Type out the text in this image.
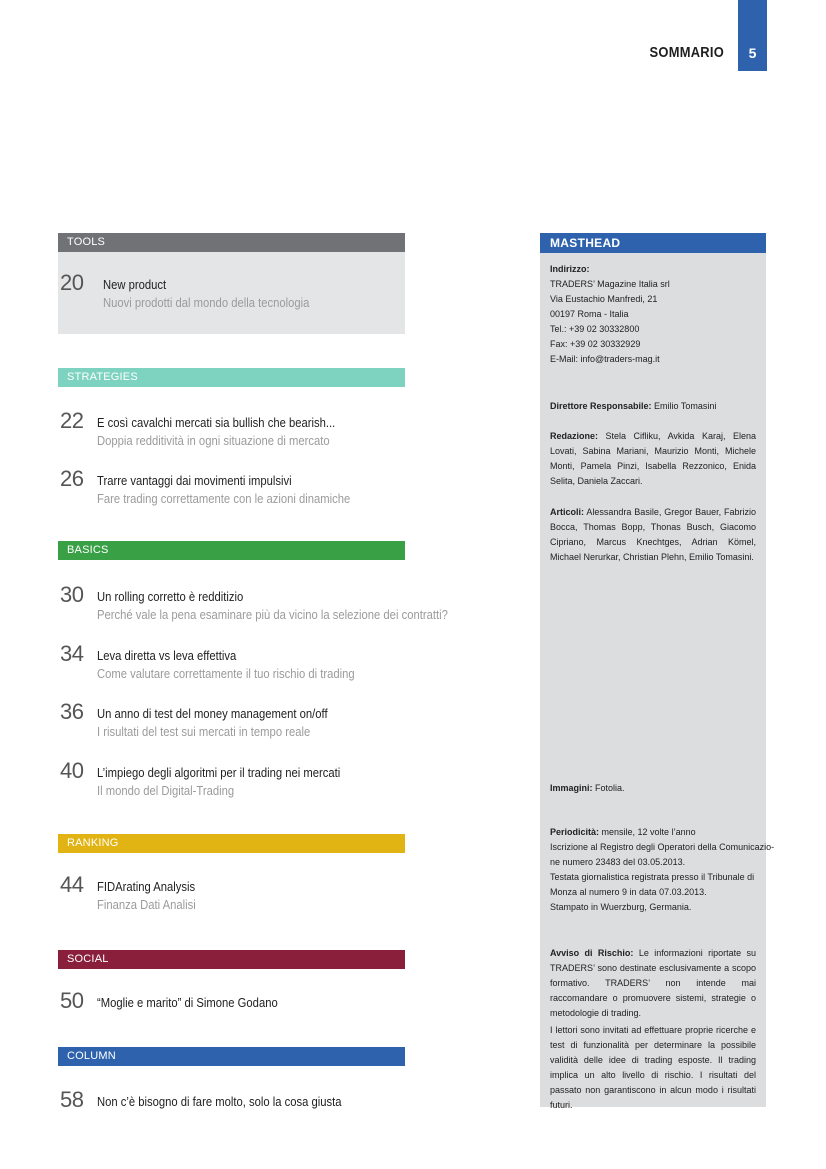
SOMMARIO	5
TOOLS
20 New product
Nuovi prodotti dal mondo della tecnologia
STRATEGIES
22 E così cavalchi mercati sia bullish che bearish...
Doppia redditività in ogni situazione di mercato
26 Trarre vantaggi dai movimenti impulsivi
Fare trading correttamente con le azioni dinamiche
BASICS
30 Un rolling corretto è redditizio
Perché vale la pena esaminare più da vicino la selezione dei contratti?
34 Leva diretta vs leva effettiva
Come valutare correttamente il tuo rischio di trading
36 Un anno di test del money management on/off
I risultati del test sui mercati in tempo reale
40 L’impiego degli algoritmi per il trading nei mercati
Il mondo del Digital-Trading
RANKING
44 FIDArating Analysis
Finanza Dati Analisi
SOCIAL
50 “Moglie e marito” di Simone Godano
COLUMN
58 Non c’è bisogno di fare molto, solo la cosa giusta
MASTHEAD
Indirizzo:
TRADERS’ Magazine Italia srl
Via Eustachio Manfredi, 21
00197 Roma - Italia
Tel.: +39 02 30332800
Fax: +39 02 30332929
E-Mail: info@traders-mag.it
Direttore Responsabile: Emilio Tomasini
Redazione: Stela Cifliku, Avkida Karaj, Elena Lovati, Sabina Mariani, Maurizio Monti, Michele Monti, Pamela Pinzi, Isabella Rezzonico, Enida Selita, Daniela Zaccari.
Articoli: Alessandra Basile, Gregor Bauer, Fabrizio Bocca, Thomas Bopp, Thonas Busch, Giacomo Cipriano, Marcus Knechtges, Adrian Kömel, Michael Nerurkar, Christian Plehn, Emilio Tomasini.
Immagini: Fotolia.
Periodicità: mensile, 12 volte l’anno
Iscrizione al Registro degli Operatori della Comunicazio-
ne numero 23483 del 03.05.2013.
Testata giornalistica registrata presso il Tribunale di
Monza al numero 9 in data 07.03.2013.
Stampato in Wuerzburg, Germania.
Avviso di Rischio: Le informazioni riportate su TRADERS’ sono destinate esclusivamente a scopo formativo. TRADERS’ non intende mai raccomandare o promuovere sistemi, strategie o metodologie di trading.
I lettori sono invitati ad effettuare proprie ricerche e test di funzionalità per determinare la possibile validità delle idee di trading esposte. Il trading implica un alto livello di rischio. I risultati del passato non garantiscono in alcun modo i risultati futuri.
